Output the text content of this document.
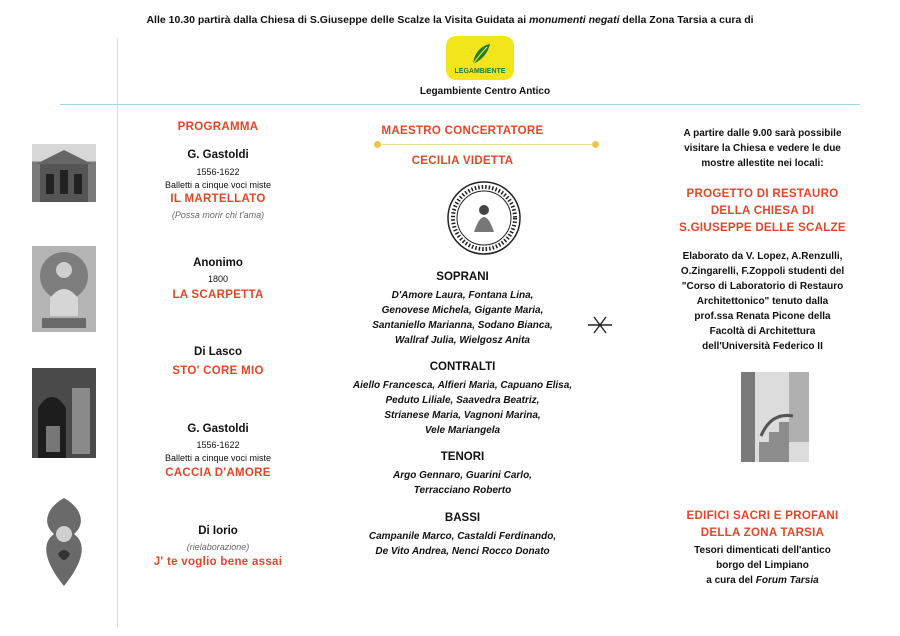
Alle 10.30 partirà dalla Chiesa di S.Giuseppe delle Scalze la Visita Guidata ai monumenti negati della Zona Tarsia a cura di
LEGAMBIENTE
Legambiente Centro Antico
PROGRAMMA
G. Gastoldi
1556-1622
Balletti a cinque voci miste
IL MARTELLATO
(Possa morir chi t'ama)
Anonimo
1800
LA SCARPETTA
Di Lasco
STO' CORE MIO
G. Gastoldi
1556-1622
Balletti a cinque voci miste
CACCIA D'AMORE
Di Iorio
(rielaborazione)
J' te voglio bene assai
MAESTRO CONCERTATORE
CECILIA VIDETTA
SOPRANI
D'Amore Laura, Fontana Lina,
Genovese Michela, Gigante Maria,
Santaniello Marianna, Sodano Bianca,
Wallraf Julia, Wielgosz Anita
CONTRALTI
Aiello Francesca, Alfieri Maria, Capuano Elisa,
Peduto Liliale, Saavedra Beatriz,
Strianese Maria, Vagnoni Marina,
Vele Mariangela
TENORI
Argo Gennaro, Guarini Carlo,
Terracciano Roberto
BASSI
Campanile Marco, Castaldi Ferdinando,
De Vito Andrea, Nenci Rocco Donato
A partire dalle 9.00 sarà possibile
visitare la Chiesa e vedere le due
mostre allestite nei locali:
PROGETTO DI RESTAURO
DELLA CHIESA DI
S.GIUSEPPE DELLE SCALZE
Elaborato da V. Lopez, A.Renzulli,
O.Zingarelli, F.Zoppoli studenti del
"Corso di Laboratorio di Restauro
Architettonico" tenuto dalla
prof.ssa Renata Picone della
Facoltà di Architettura
dell'Università Federico II
EDIFICI SACRI E PROFANI
DELLA ZONA TARSIA
Tesori dimenticati dell'antico
borgo del Limpiano
a cura del Forum Tarsia
